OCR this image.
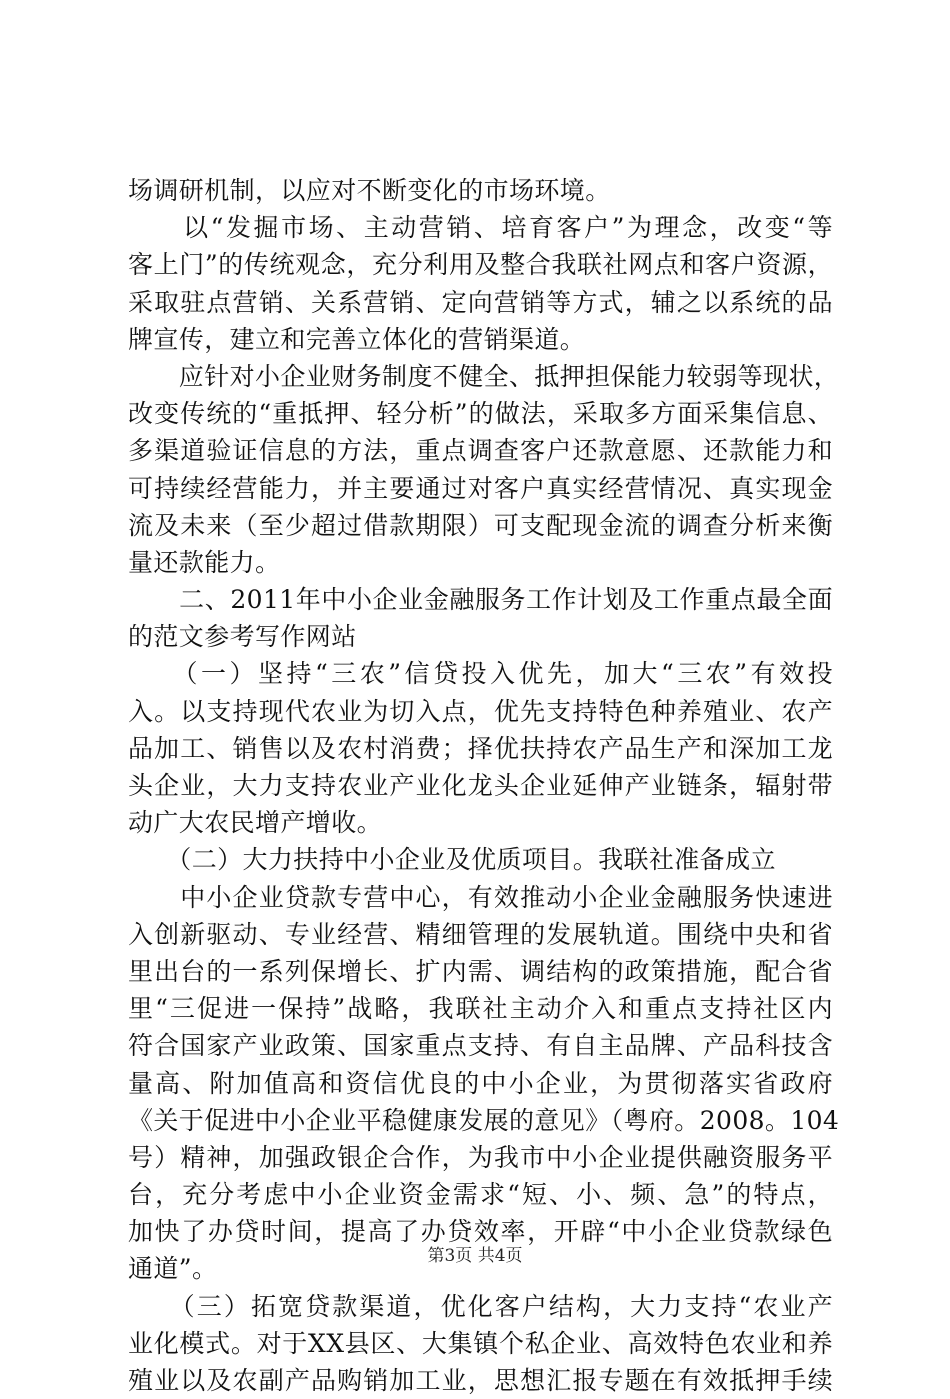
场调研机制，以应对不断变化的市场环境。
　　以“发掘市场、主动营销、培育客户”为理念，改变“等
客上门”的传统观念，充分利用及整合我联社网点和客户资源，
采取驻点营销、关系营销、定向营销等方式，辅之以系统的品
牌宣传，建立和完善立体化的营销渠道。
　　应针对小企业财务制度不健全、抵押担保能力较弱等现状，
改变传统的“重抵押、轻分析”的做法，采取多方面采集信息、
多渠道验证信息的方法，重点调查客户还款意愿、还款能力和
可持续经营能力，并主要通过对客户真实经营情况、真实现金
流及未来（至少超过借款期限）可支配现金流的调查分析来衡
量还款能力。
　　二、2011年中小企业金融服务工作计划及工作重点最全面
的范文参考写作网站
　　（一）坚持“三农”信贷投入优先，加大“三农”有效投
入。以支持现代农业为切入点，优先支持特色种养殖业、农产
品加工、销售以及农村消费；择优扶持农产品生产和深加工龙
头企业，大力支持农业产业化龙头企业延伸产业链条，辐射带
动广大农民增产增收。
　　（二）大力扶持中小企业及优质项目。我联社准备成立
　　中小企业贷款专营中心，有效推动小企业金融服务快速进
入创新驱动、专业经营、精细管理的发展轨道。围绕中央和省
里出台的一系列保增长、扩内需、调结构的政策措施，配合省
里“三促进一保持”战略，我联社主动介入和重点支持社区内
符合国家产业政策、国家重点支持、有自主品牌、产品科技含
量高、附加值高和资信优良的中小企业，为贯彻落实省政府
《关于促进中小企业平稳健康发展的意见》（粤府。2008。104
号）精神，加强政银企合作，为我市中小企业提供融资服务平
台，充分考虑中小企业资金需求“短、小、频、急”的特点，
加快了办贷时间，提高了办贷效率，开辟“中小企业贷款绿色
通道”。
　　（三）拓宽贷款渠道，优化客户结构，大力支持“农业产
业化模式。对于XX县区、大集镇个私企业、高效特色农业和养
殖业以及农副产品购销加工业，思想汇报专题在有效抵押手续
第3页 共4页
